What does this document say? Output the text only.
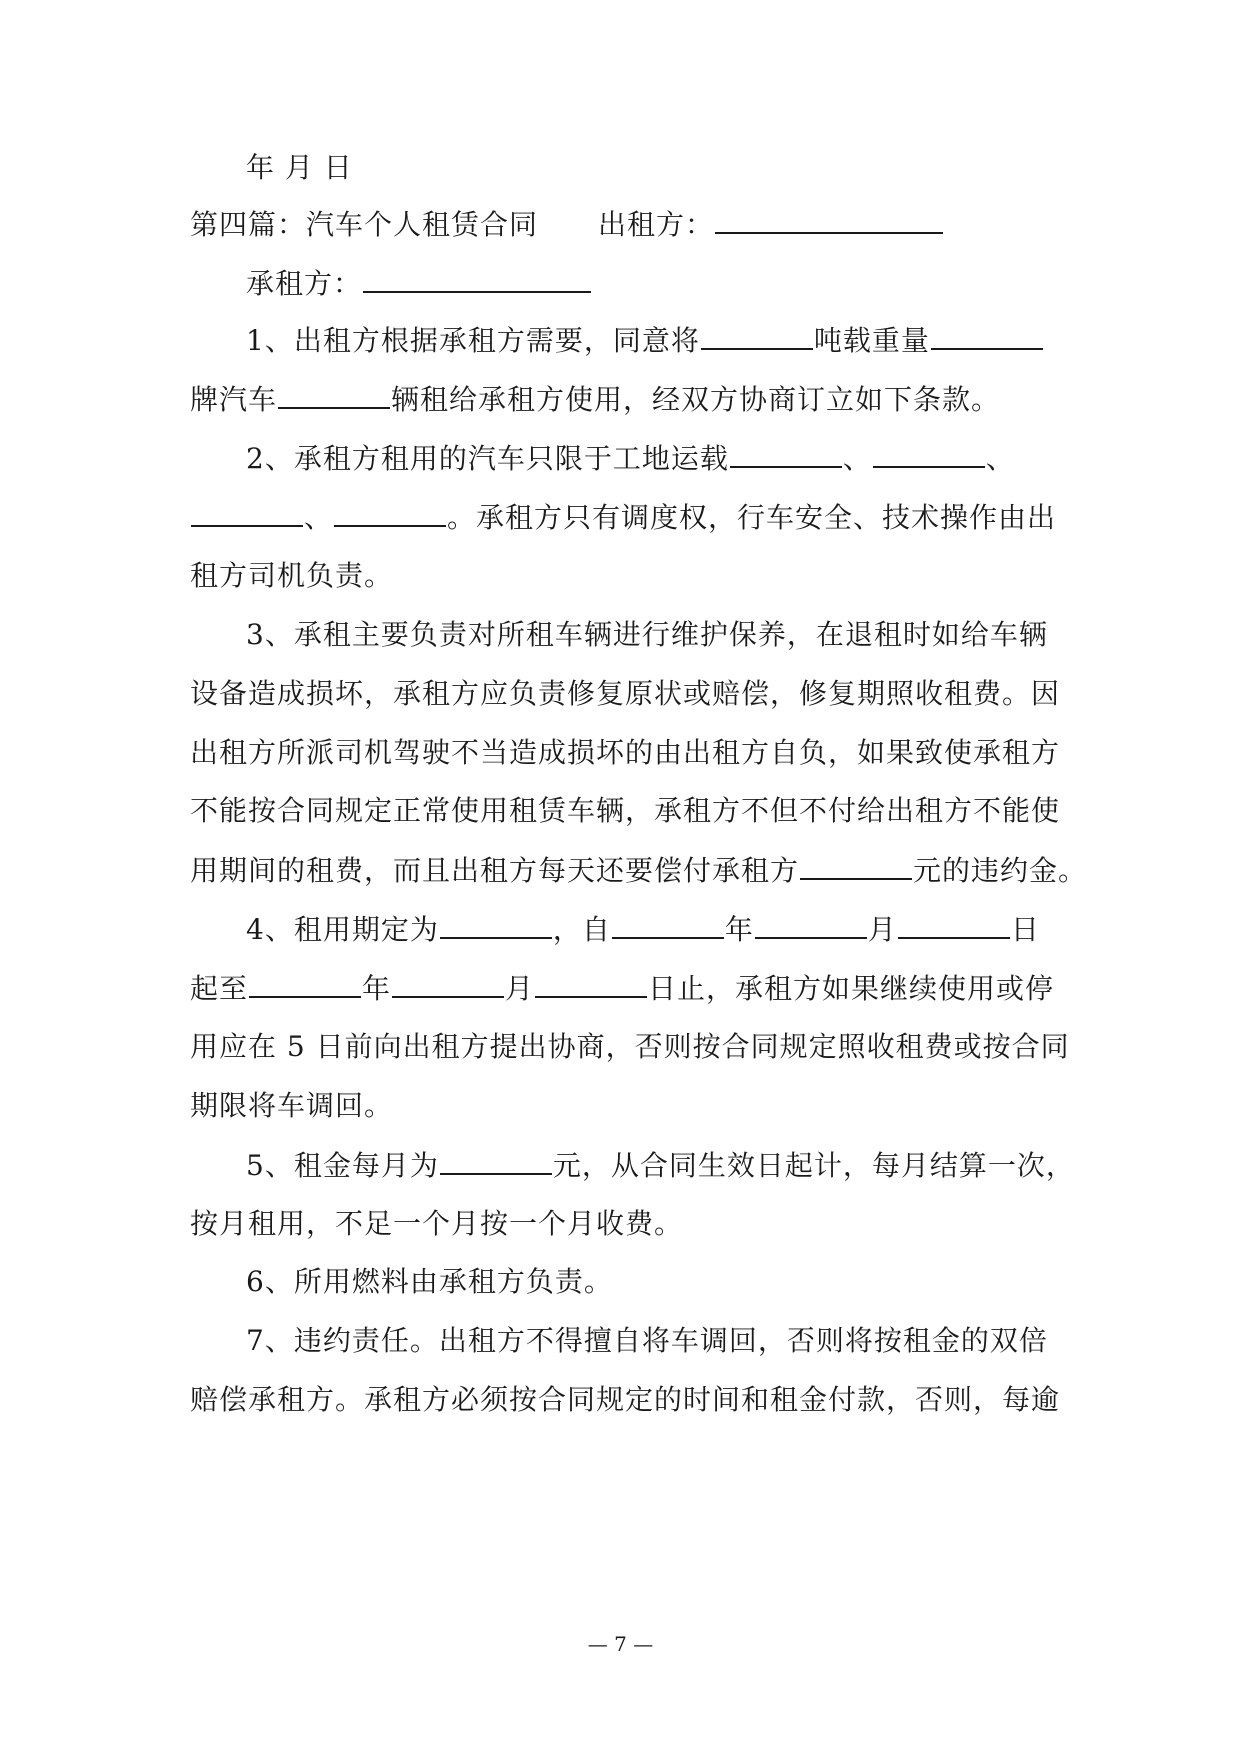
年 月 日
第四篇：汽车个人租赁合同 出租方：
承租方：
1、出租方根据承租方需要，同意将	吨载重量
牌汽车	辆租给承租方使用，经双方协商订立如下条款。
2、承租方租用的汽车只限于工地运载	、	、
、	。承租方只有调度权，行车安全、技术操作由出
租方司机负责。
3、承租主要负责对所租车辆进行维护保养，在退租时如给车辆
设备造成损坏，承租方应负责修复原状或赔偿，修复期照收租费。因
出租方所派司机驾驶不当造成损坏的由出租方自负，如果致使承租方
不能按合同规定正常使用租赁车辆，承租方不但不付给出租方不能使
用期间的租费，而且出租方每天还要偿付承租方	元的违约金。
4、租用期定为	，自	年	月	日
起至	年	月	日止，承租方如果继续使用或停
用应在 5 日前向出租方提出协商，否则按合同规定照收租费或按合同
期限将车调回。
5、租金每月为	元，从合同生效日起计，每月结算一次，
按月租用，不足一个月按一个月收费。
6、所用燃料由承租方负责。
7、违约责任。出租方不得擅自将车调回，否则将按租金的双倍
赔偿承租方。承租方必须按合同规定的时间和租金付款，否则，每逾
— 7 —
